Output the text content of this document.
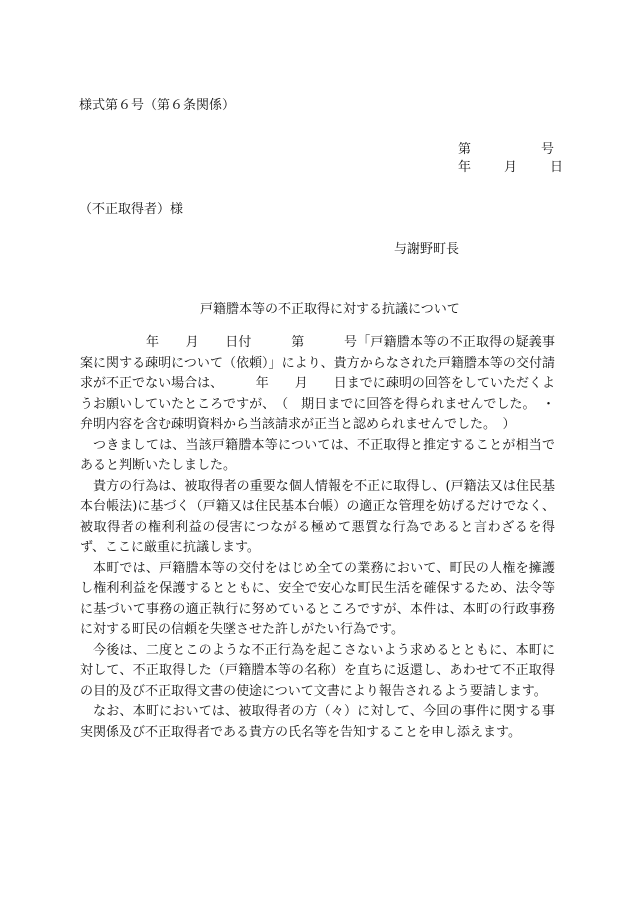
様式第６号（第６条関係）
第	号
年	月	日
（不正取得者）様
与謝野町長
戸籍謄本等の不正取得に対する抗議について

　　　　　年　　月　　日付　　　第　　　号「戸籍謄本等の不正取得の疑義事案に関する疎明について（依頼）」により、貴方からなされた戸籍謄本等の交付請求が不正でない場合は、　　　年　　月　　日までに疎明の回答をしていただくようお願いしていたところですが、　（　期日までに回答を得られませんでした。　・　弁明内容を含む疎明資料から当該請求が正当と認められませんでした。　）

つきましては、当該戸籍謄本等については、不正取得と推定することが相当であると判断いたしました。

貴方の行為は、被取得者の重要な個人情報を不正に取得し、(戸籍法又は住民基本台帳法)に基づく（戸籍又は住民基本台帳）の適正な管理を妨げるだけでなく、被取得者の権利利益の侵害につながる極めて悪質な行為であると言わざるを得ず、ここに厳重に抗議します。

本町では、戸籍謄本等の交付をはじめ全ての業務において、町民の人権を擁護し権利利益を保護するとともに、安全で安心な町民生活を確保するため、法令等に基づいて事務の適正執行に努めているところですが、本件は、本町の行政事務に対する町民の信頼を失墜させた許しがたい行為です。

今後は、二度とこのような不正行為を起こさないよう求めるとともに、本町に対して、不正取得した（戸籍謄本等の名称）を直ちに返還し、あわせて不正取得の目的及び不正取得文書の使途について文書により報告されるよう要請します。

なお、本町においては、被取得者の方（々）に対して、今回の事件に関する事実関係及び不正取得者である貴方の氏名等を告知することを申し添えます。
